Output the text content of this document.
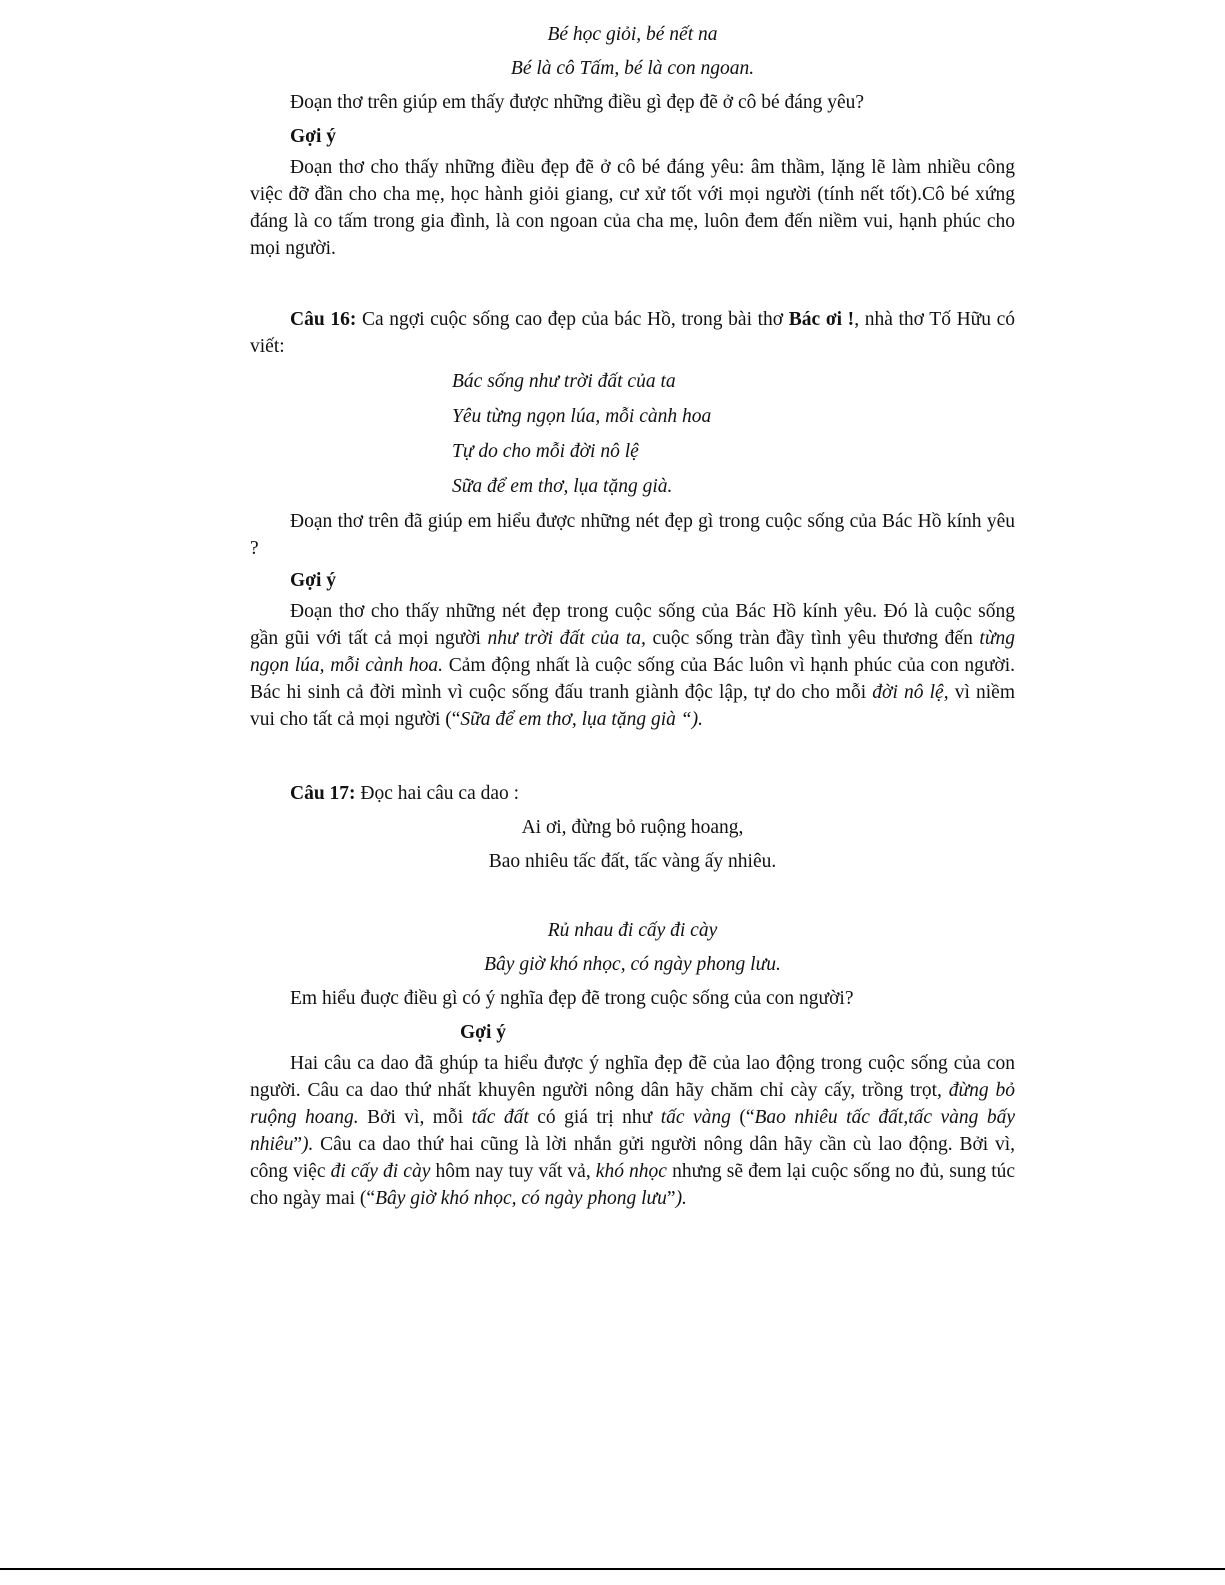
Bé học giỏi, bé nết na

Bé là cô Tấm, bé là con ngoan.

Đoạn thơ trên giúp em thấy được những điều gì đẹp đẽ ở cô bé đáng yêu?

Gợi ý

Đoạn thơ cho thấy những điều đẹp đẽ ở cô bé đáng yêu: âm thầm, lặng lẽ làm nhiều công việc đỡ đần cho cha mẹ, học hành giỏi giang, cư xử tốt với mọi người (tính nết tốt).Cô bé xứng đáng là co tấm trong gia đình, là con ngoan của cha mẹ, luôn đem đến niềm vui, hạnh phúc cho mọi người.

Câu 16: Ca ngợi cuộc sống cao đẹp của bác Hồ, trong bài thơ Bác ơi !, nhà thơ Tố Hữu có viết:

Bác sống như trời đất của ta

Yêu từng ngọn lúa, mỗi cành hoa

Tự do cho mỗi đời nô lệ

Sữa để em thơ, lụa tặng già.

Đoạn thơ trên đã giúp em hiểu được những nét đẹp gì trong cuộc sống của Bác Hồ kính yêu ?

Gợi ý

Đoạn thơ cho thấy những nét đẹp trong cuộc sống của Bác Hồ kính yêu. Đó là cuộc sống gần gũi với tất cả mọi người như trời đất của ta, cuộc sống tràn đầy tình yêu thương đến từng ngọn lúa, mỗi cành hoa. Cảm động nhất là cuộc sống của Bác luôn vì hạnh phúc của con người. Bác hi sinh cả đời mình vì cuộc sống đấu tranh giành độc lập, tự do cho mỗi đời nô lệ, vì niềm vui cho tất cả mọi người (“Sữa để em thơ, lụa tặng già “).

Câu 17: Đọc hai câu ca dao :

Ai ơi, đừng bỏ ruộng hoang,

Bao nhiêu tấc đất, tấc vàng ấy nhiêu.

Rủ nhau đi cấy đi cày

Bây giờ khó nhọc, có ngày phong lưu.

Em hiểu đuợc điều gì có ý nghĩa đẹp đẽ trong cuộc sống của con người?

Gợi ý

Hai câu ca dao đã ghúp ta hiểu được ý nghĩa đẹp đẽ của lao động trong cuộc sống của con người. Câu ca dao thứ nhất khuyên người nông dân hãy chăm chỉ cày cấy, trồng trọt, đừng bỏ ruộng hoang. Bởi vì, mỗi tấc đất có giá trị như tấc vàng (“Bao nhiêu tấc đất,tấc vàng bấy nhiêu”). Câu ca dao thứ hai cũng là lời nhắn gửi người nông dân hãy cần cù lao động. Bởi vì, công việc đi cấy đi cày hôm nay tuy vất vả, khó nhọc nhưng sẽ đem lại cuộc sống no đủ, sung túc cho ngày mai (“Bây giờ khó nhọc, có ngày phong lưu”).
